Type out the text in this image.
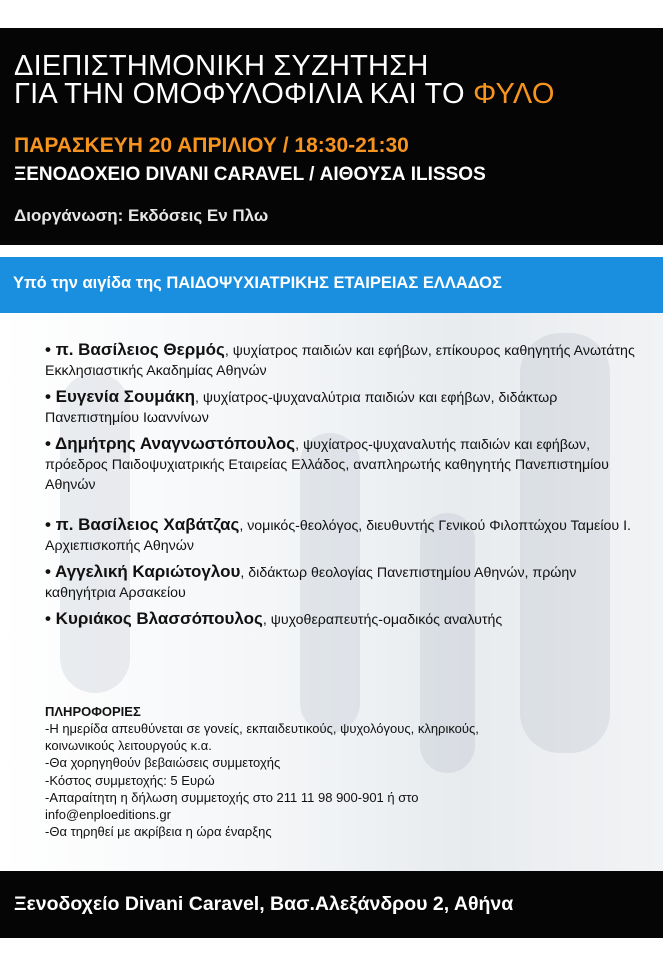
ΔΙΕΠΙΣΤΗΜΟΝΙΚΗ ΣΥΖΗΤΗΣΗ
ΓΙΑ ΤΗΝ ΟΜΟΦΥΛΟΦΙΛΙΑ ΚΑΙ ΤΟ ΦΥΛΟ
ΠΑΡΑΣΚΕΥΗ 20 ΑΠΡΙΛΙΟΥ / 18:30-21:30
ΞΕΝΟΔΟΧΕΙΟ DIVANI CARAVEL / ΑΙΘΟΥΣΑ ILISSOS
Διοργάνωση: Εκδόσεις Εν Πλω
Υπό την αιγίδα της ΠΑΙΔΟΨΥΧΙΑΤΡΙΚΗΣ ΕΤΑΙΡΕΙΑΣ ΕΛΛΑΔΟΣ
• π. Βασίλειος Θερμός, ψυχίατρος παιδιών και εφήβων, επίκουρος καθηγητής Ανωτάτης Εκκλησιαστικής Ακαδημίας Αθηνών
• Ευγενία Σουμάκη, ψυχίατρος-ψυχαναλύτρια παιδιών και εφήβων, διδάκτωρ Πανεπιστημίου Ιωαννίνων
• Δημήτρης Αναγνωστόπουλος, ψυχίατρος-ψυχαναλυτής παιδιών και εφήβων, πρόεδρος Παιδοψυχιατρικής Εταιρείας Ελλάδος, αναπληρωτής καθηγητής Πανεπιστημίου Αθηνών
• π. Βασίλειος Χαβάτζας, νομικός-θεολόγος, διευθυντής Γενικού Φιλοπτώχου Ταμείου Ι. Αρχιεπισκοπής Αθηνών
• Αγγελική Καριώτογλου, διδάκτωρ θεολογίας Πανεπιστημίου Αθηνών, πρώην καθηγήτρια Αρσακείου
• Κυριάκος Βλασσόπουλος, ψυχοθεραπευτής-ομαδικός αναλυτής
ΠΛΗΡΟΦΟΡΙΕΣ
-Η ημερίδα απευθύνεται σε γονείς, εκπαιδευτικούς, ψυχολόγους, κληρικούς,
κοινωνικούς λειτουργούς κ.α.
-Θα χορηγηθούν βεβαιώσεις συμμετοχής
-Κόστος συμμετοχής: 5 Ευρώ
-Απαραίτητη η δήλωση συμμετοχής στο 211 11 98 900-901 ή στο
info@enploeditions.gr
-Θα τηρηθεί με ακρίβεια η ώρα έναρξης
Ξενοδοχείο Divani Caravel, Βασ.Αλεξάνδρου 2, Αθήνα
